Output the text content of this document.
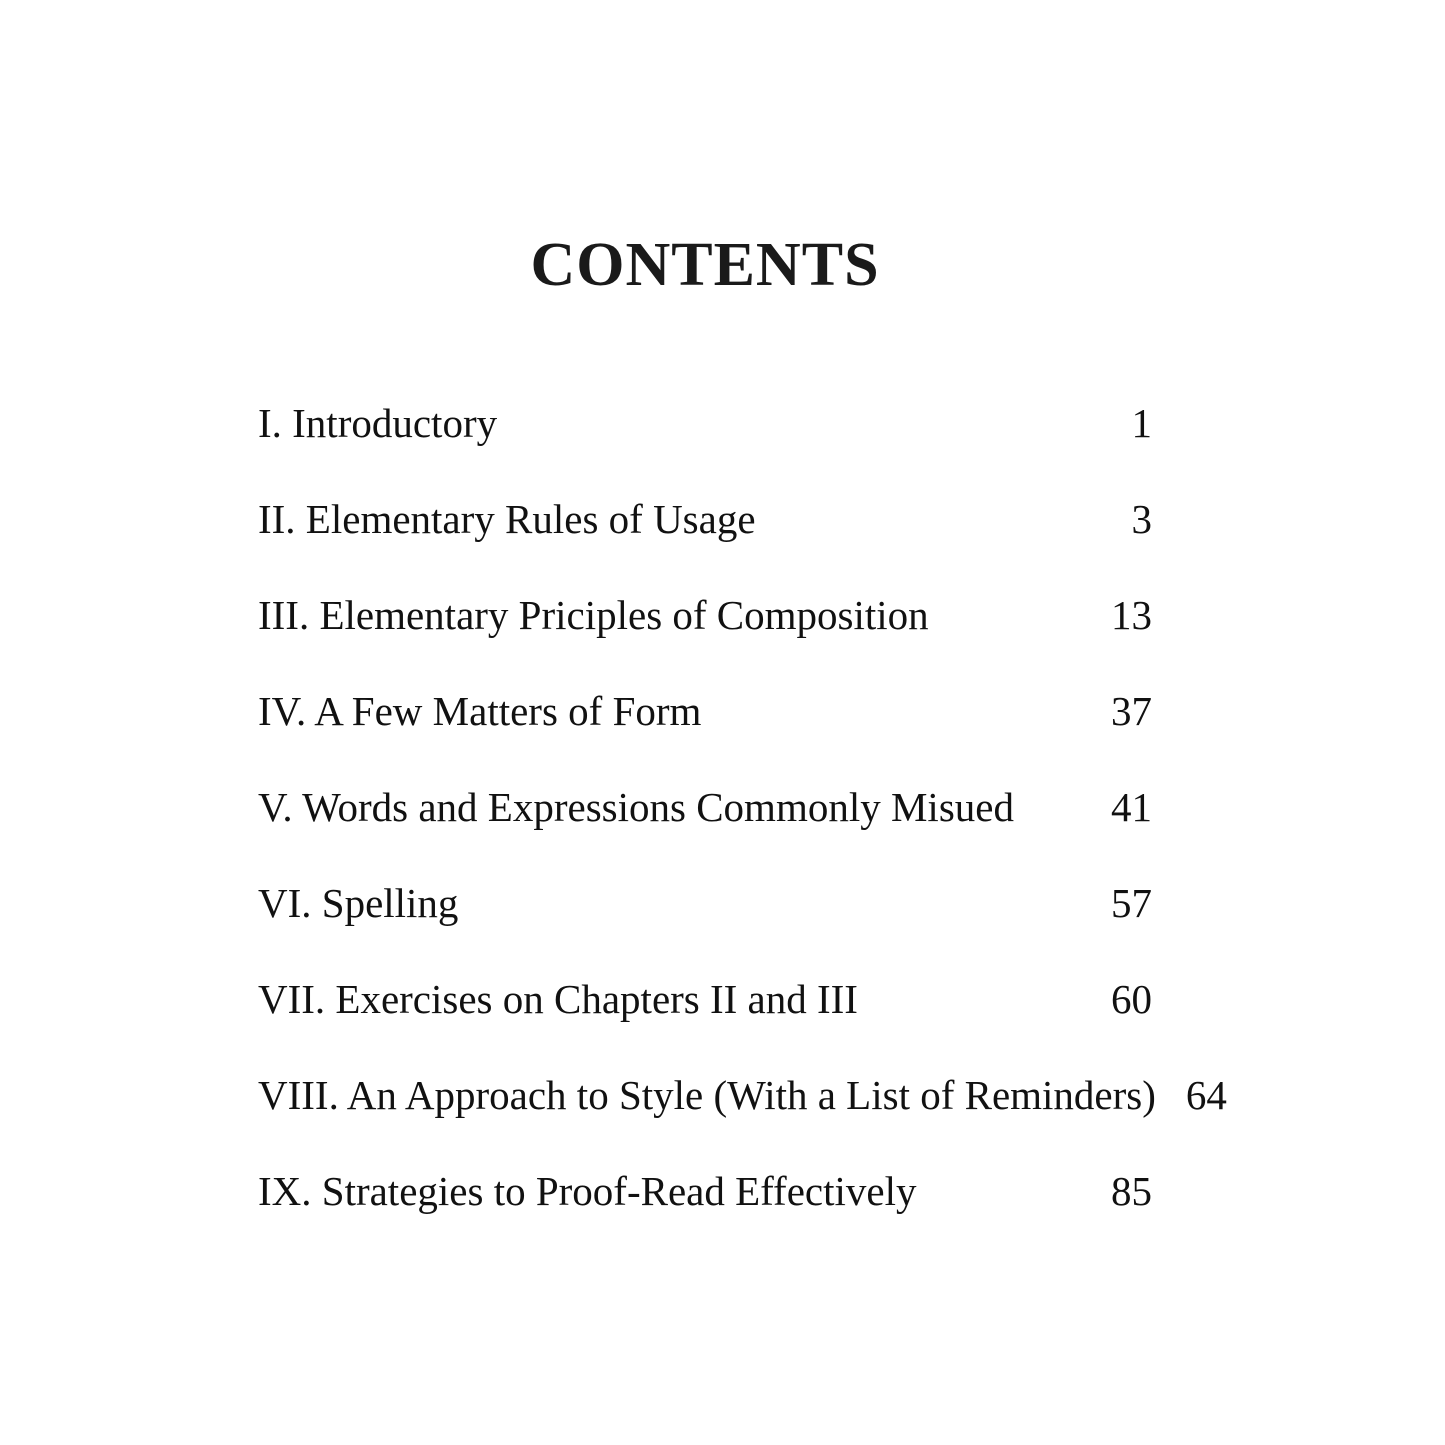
CONTENTS
I. Introductory	1
II. Elementary Rules of Usage	3
III. Elementary Priciples of Composition	13
IV. A Few Matters of Form	37
V. Words and Expressions Commonly Misued	41
VI. Spelling	57
VII. Exercises on Chapters II and III	60
VIII. An Approach to Style (With a List of Reminders) 64
IX. Strategies to Proof-Read Effectively	85
